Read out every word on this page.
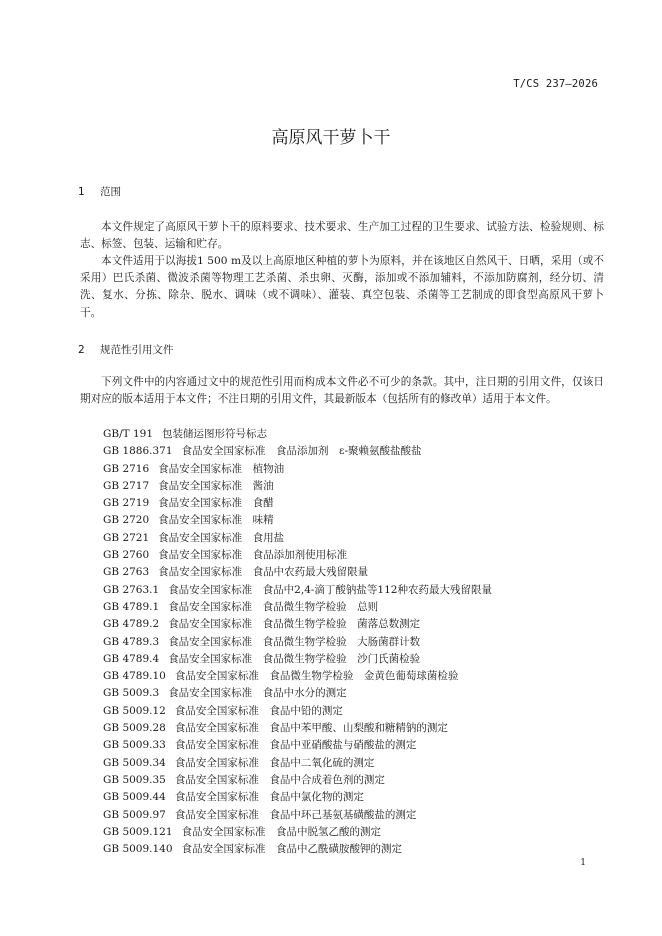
T/CS 237—2026
高原风干萝卜干
1 范围
本文件规定了高原风干萝卜干的原料要求、技术要求、生产加工过程的卫生要求、试验方法、检验规则、标志、标签、包装、运输和贮存。
本文件适用于以海拔1 500 m及以上高原地区种植的萝卜为原料，并在该地区自然风干、日晒，采用（或不采用）巴氏杀菌、微波杀菌等物理工艺杀菌、杀虫卵、灭酶，添加或不添加辅料，不添加防腐剂，经分切、清洗、复水、分拣、除杂、脱水、调味（或不调味）、灌装、真空包装、杀菌等工艺制成的即食型高原风干萝卜干。
2 规范性引用文件
下列文件中的内容通过文中的规范性引用而构成本文件必不可少的条款。其中，注日期的引用文件，仅该日期对应的版本适用于本文件；不注日期的引用文件，其最新版本（包括所有的修改单）适用于本文件。
GB/T 191 包装储运图形符号标志
GB 1886.371 食品安全国家标准　食品添加剂　ε-聚赖氨酸盐酸盐
GB 2716 食品安全国家标准　植物油
GB 2717 食品安全国家标准　酱油
GB 2719 食品安全国家标准　食醋
GB 2720 食品安全国家标准　味精
GB 2721 食品安全国家标准　食用盐
GB 2760 食品安全国家标准　食品添加剂使用标准
GB 2763 食品安全国家标准　食品中农药最大残留限量
GB 2763.1 食品安全国家标准　食品中2,4-滴丁酸钠盐等112种农药最大残留限量
GB 4789.1 食品安全国家标准　食品微生物学检验　总则
GB 4789.2 食品安全国家标准　食品微生物学检验　菌落总数测定
GB 4789.3 食品安全国家标准　食品微生物学检验　大肠菌群计数
GB 4789.4 食品安全国家标准　食品微生物学检验　沙门氏菌检验
GB 4789.10 食品安全国家标准　食品微生物学检验　金黄色葡萄球菌检验
GB 5009.3 食品安全国家标准　食品中水分的测定
GB 5009.12 食品安全国家标准　食品中铅的测定
GB 5009.28 食品安全国家标准　食品中苯甲酸、山梨酸和糖精钠的测定
GB 5009.33 食品安全国家标准　食品中亚硝酸盐与硝酸盐的测定
GB 5009.34 食品安全国家标准　食品中二氧化硫的测定
GB 5009.35 食品安全国家标准　食品中合成着色剂的测定
GB 5009.44 食品安全国家标准　食品中氯化物的测定
GB 5009.97 食品安全国家标准　食品中环己基氨基磺酸盐的测定
GB 5009.121 食品安全国家标准　食品中脱氢乙酸的测定
GB 5009.140 食品安全国家标准　食品中乙酰磺胺酸钾的测定
1
